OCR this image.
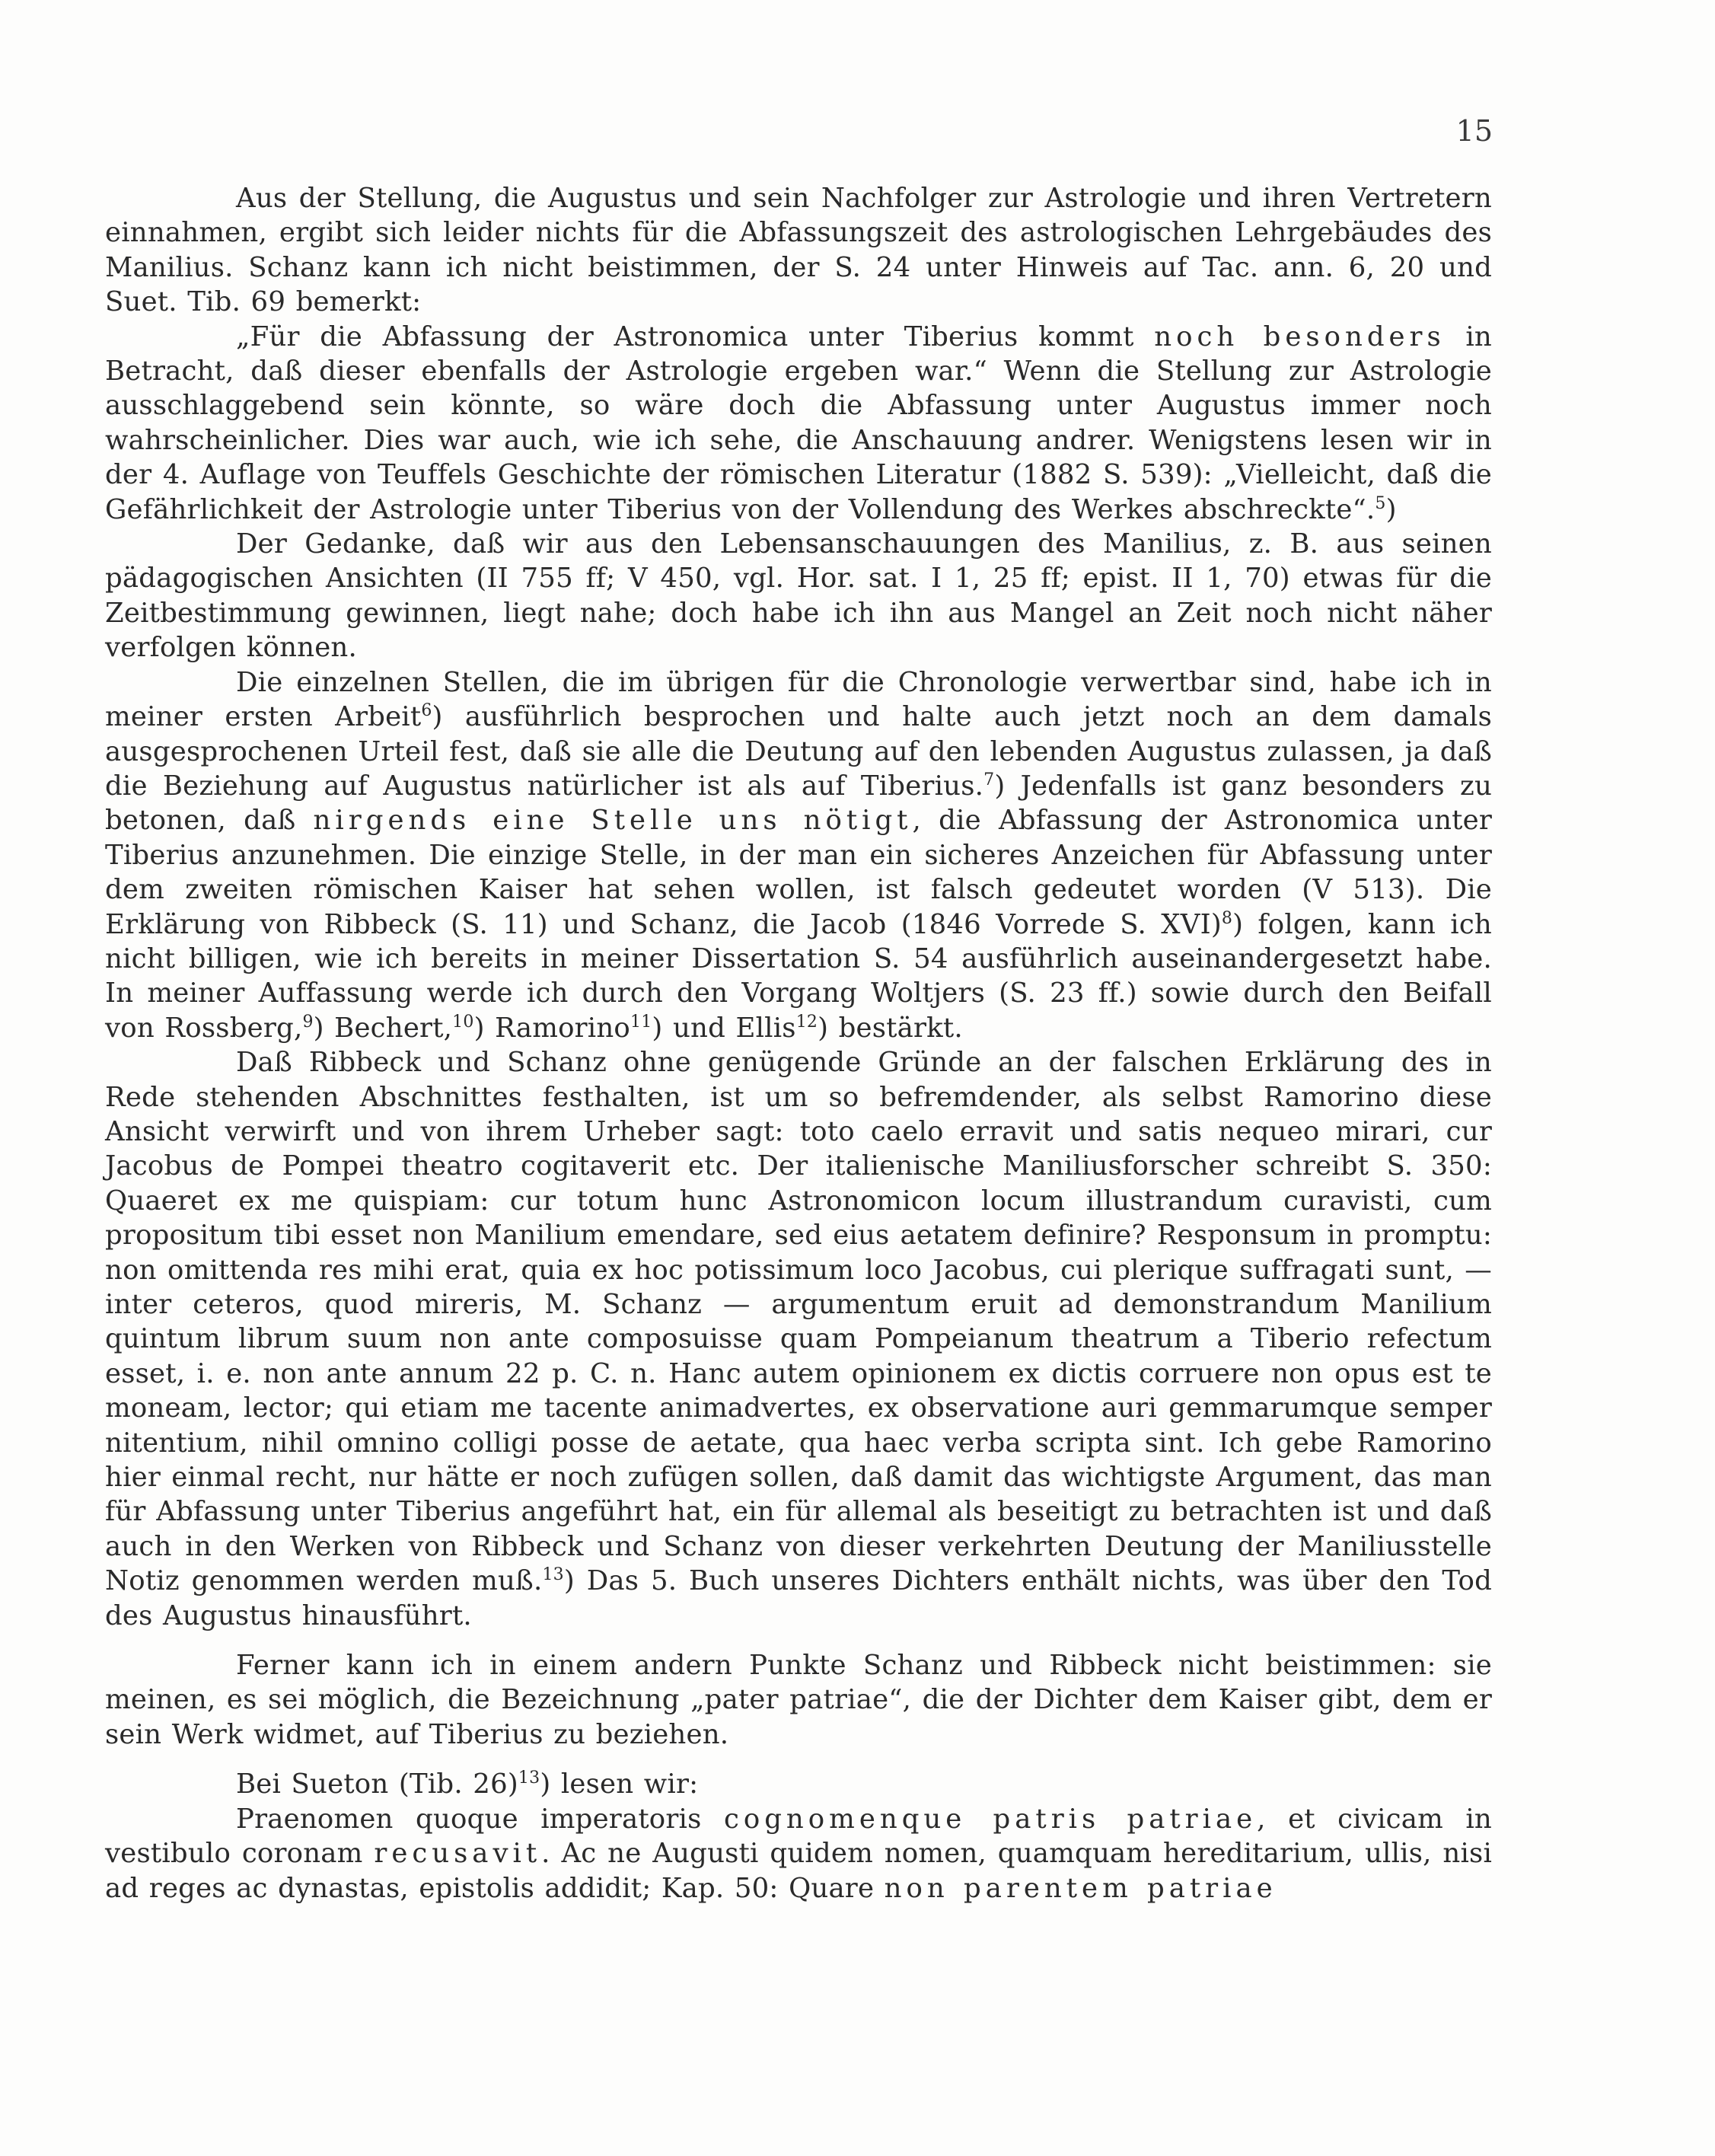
15

Aus der Stellung, die Augustus und sein Nachfolger zur Astrologie und ihren Vertretern einnahmen, ergibt sich leider nichts für die Abfassungszeit des astrologischen Lehrgebäudes des Manilius. Schanz kann ich nicht beistimmen, der S. 24 unter Hinweis auf Tac. ann. 6, 20 und Suet. Tib. 69 bemerkt:

„Für die Abfassung der Astronomica unter Tiberius kommt noch besonders in Betracht, daß dieser ebenfalls der Astrologie ergeben war.“ Wenn die Stellung zur Astrologie ausschlaggebend sein könnte, so wäre doch die Abfassung unter Augustus immer noch wahrscheinlicher. Dies war auch, wie ich sehe, die Anschauung andrer. Wenigstens lesen wir in der 4. Auflage von Teuffels Geschichte der römischen Literatur (1882 S. 539): „Vielleicht, daß die Gefährlichkeit der Astrologie unter Tiberius von der Vollendung des Werkes abschreckte“.$^5$)

Der Gedanke, daß wir aus den Lebensanschauungen des Manilius, z. B. aus seinen pädagogischen Ansichten (II 755 ff; V 450, vgl. Hor. sat. I 1, 25 ff; epist. II 1, 70) etwas für die Zeitbestimmung gewinnen, liegt nahe; doch habe ich ihn aus Mangel an Zeit noch nicht näher verfolgen können.

Die einzelnen Stellen, die im übrigen für die Chronologie verwertbar sind, habe ich in meiner ersten Arbeit$^6$) ausführlich besprochen und halte auch jetzt noch an dem damals ausgesprochenen Urteil fest, daß sie alle die Deutung auf den lebenden Augustus zulassen, ja daß die Beziehung auf Augustus natürlicher ist als auf Tiberius.$^7$) Jedenfalls ist ganz besonders zu betonen, daß nirgends eine Stelle uns nötigt, die Abfassung der Astronomica unter Tiberius anzunehmen. Die einzige Stelle, in der man ein sicheres Anzeichen für Abfassung unter dem zweiten römischen Kaiser hat sehen wollen, ist falsch gedeutet worden (V 513). Die Erklärung von Ribbeck (S. 11) und Schanz, die Jacob (1846 Vorrede S. XVI)$^8$) folgen, kann ich nicht billigen, wie ich bereits in meiner Dissertation S. 54 ausführlich auseinandergesetzt habe. In meiner Auffassung werde ich durch den Vorgang Woltjers (S. 23 ff.) sowie durch den Beifall von Rossberg,$^9$) Bechert,$^{10}$) Ramorino$^{11}$) und Ellis$^{12}$) bestärkt.

Daß Ribbeck und Schanz ohne genügende Gründe an der falschen Erklärung des in Rede stehenden Abschnittes festhalten, ist um so befremdender, als selbst Ramorino diese Ansicht verwirft und von ihrem Urheber sagt: toto caelo erravit und satis nequeo mirari, cur Jacobus de Pompei theatro cogitaverit etc. Der italienische Maniliusforscher schreibt S. 350: Quaeret ex me quispiam: cur totum hunc Astronomicon locum illustrandum curavisti, cum propositum tibi esset non Manilium emendare, sed eius aetatem definire? Responsum in promptu: non omittenda res mihi erat, quia ex hoc potissimum loco Jacobus, cui plerique suffragati sunt, — inter ceteros, quod mireris, M. Schanz — argumentum eruit ad demonstrandum Manilium quintum librum suum non ante composuisse quam Pompeianum theatrum a Tiberio refectum esset, i. e. non ante annum 22 p. C. n. Hanc autem opinionem ex dictis corruere non opus est te moneam, lector; qui etiam me tacente animadvertes, ex observatione auri gemmarumque semper nitentium, nihil omnino colligi posse de aetate, qua haec verba scripta sint. Ich gebe Ramorino hier einmal recht, nur hätte er noch zufügen sollen, daß damit das wichtigste Argument, das man für Abfassung unter Tiberius angeführt hat, ein für allemal als beseitigt zu betrachten ist und daß auch in den Werken von Ribbeck und Schanz von dieser verkehrten Deutung der Maniliusstelle Notiz genommen werden muß.$^{13}$) Das 5. Buch unseres Dichters enthält nichts, was über den Tod des Augustus hinausführt.

Ferner kann ich in einem andern Punkte Schanz und Ribbeck nicht beistimmen: sie meinen, es sei möglich, die Bezeichnung „pater patriae“, die der Dichter dem Kaiser gibt, dem er sein Werk widmet, auf Tiberius zu beziehen.

Bei Sueton (Tib. 26)$^{13}$) lesen wir:

Praenomen quoque imperatoris cognomenque patris patriae, et civicam in vestibulo coronam recusavit. Ac ne Augusti quidem nomen, quamquam hereditarium, ullis, nisi ad reges ac dynastas, epistolis addidit; Kap. 50: Quare non parentem patriae
